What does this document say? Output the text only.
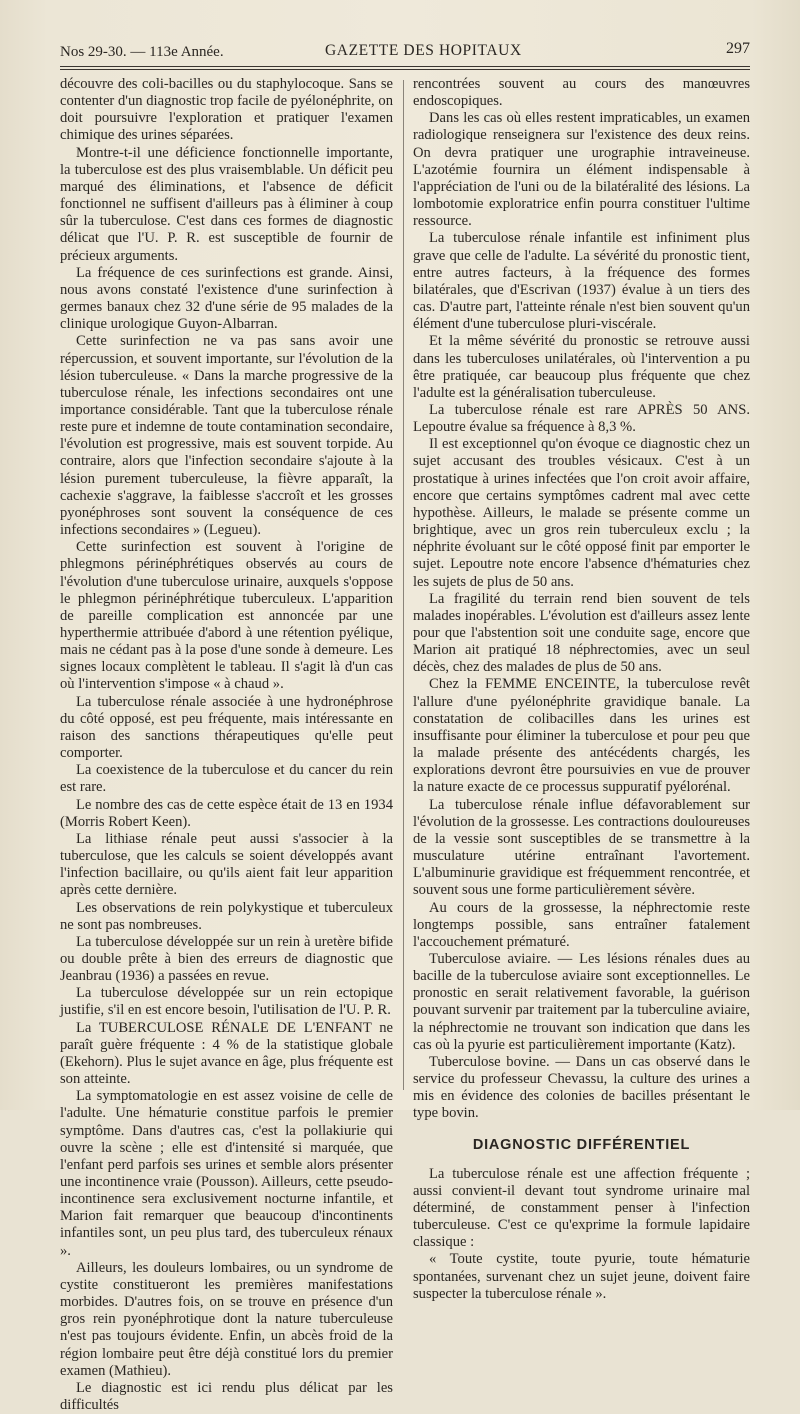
Nos 29-30. — 113e Année.	GAZETTE DES HOPITAUX	297

découvre des coli-bacilles ou du staphylocoque. Sans se contenter d'un diagnostic trop facile de pyélonéphrite, on doit poursuivre l'exploration et pratiquer l'examen chimique des urines séparées.

Montre-t-il une déficience fonctionnelle importante, la tuberculose est des plus vraisemblable. Un déficit peu marqué des éliminations, et l'absence de déficit fonctionnel ne suffisent d'ailleurs pas à éliminer à coup sûr la tuberculose. C'est dans ces formes de diagnostic délicat que l'U. P. R. est susceptible de fournir de précieux arguments.

La fréquence de ces surinfections est grande. Ainsi, nous avons constaté l'existence d'une surinfection à germes banaux chez 32 d'une série de 95 malades de la clinique urologique Guyon-Albarran.

Cette surinfection ne va pas sans avoir une répercussion, et souvent importante, sur l'évolution de la lésion tuberculeuse. « Dans la marche progressive de la tuberculose rénale, les infections secondaires ont une importance considérable. Tant que la tuberculose rénale reste pure et indemne de toute contamination secondaire, l'évolution est progressive, mais est souvent torpide. Au contraire, alors que l'infection secondaire s'ajoute à la lésion purement tuberculeuse, la fièvre apparaît, la cachexie s'aggrave, la faiblesse s'accroît et les grosses pyonéphroses sont souvent la conséquence de ces infections secondaires » (Legueu).

Cette surinfection est souvent à l'origine de phlegmons périnéphrétiques observés au cours de l'évolution d'une tuberculose urinaire, auxquels s'oppose le phlegmon périnéphrétique tuberculeux. L'apparition de pareille complication est annoncée par une hyperthermie attribuée d'abord à une rétention pyélique, mais ne cédant pas à la pose d'une sonde à demeure. Les signes locaux complètent le tableau. Il s'agit là d'un cas où l'intervention s'impose « à chaud ».

La tuberculose rénale associée à une hydronéphrose du côté opposé, est peu fréquente, mais intéressante en raison des sanctions thérapeutiques qu'elle peut comporter.

La coexistence de la tuberculose et du cancer du rein est rare.

Le nombre des cas de cette espèce était de 13 en 1934 (Morris Robert Keen).

La lithiase rénale peut aussi s'associer à la tuberculose, que les calculs se soient développés avant l'infection bacillaire, ou qu'ils aient fait leur apparition après cette dernière.

Les observations de rein polykystique et tuberculeux ne sont pas nombreuses.

La tuberculose développée sur un rein à uretère bifide ou double prête à bien des erreurs de diagnostic que Jeanbrau (1936) a passées en revue.

La tuberculose développée sur un rein ectopique justifie, s'il en est encore besoin, l'utilisation de l'U. P. R.

La TUBERCULOSE RÉNALE DE L'ENFANT ne paraît guère fréquente : 4 % de la statistique globale (Ekehorn). Plus le sujet avance en âge, plus fréquente est son atteinte.

La symptomatologie en est assez voisine de celle de l'adulte. Une hématurie constitue parfois le premier symptôme. Dans d'autres cas, c'est la pollakiurie qui ouvre la scène ; elle est d'intensité si marquée, que l'enfant perd parfois ses urines et semble alors présenter une incontinence vraie (Pousson). Ailleurs, cette pseudo-incontinence sera exclusivement nocturne infantile, et Marion fait remarquer que beaucoup d'incontinents infantiles sont, un peu plus tard, des tuberculeux rénaux ».

Ailleurs, les douleurs lombaires, ou un syndrome de cystite constitueront les premières manifestations morbides. D'autres fois, on se trouve en présence d'un gros rein pyonéphrotique dont la nature tuberculeuse n'est pas toujours évidente. Enfin, un abcès froid de la région lombaire peut être déjà constitué lors du premier examen (Mathieu).

Le diagnostic est ici rendu plus délicat par les difficultés

rencontrées souvent au cours des manœuvres endoscopiques.

Dans les cas où elles restent impraticables, un examen radiologique renseignera sur l'existence des deux reins. On devra pratiquer une urographie intraveineuse. L'azotémie fournira un élément indispensable à l'appréciation de l'uni ou de la bilatéralité des lésions. La lombotomie exploratrice enfin pourra constituer l'ultime ressource.

La tuberculose rénale infantile est infiniment plus grave que celle de l'adulte. La sévérité du pronostic tient, entre autres facteurs, à la fréquence des formes bilatérales, que d'Escrivan (1937) évalue à un tiers des cas. D'autre part, l'atteinte rénale n'est bien souvent qu'un élément d'une tuberculose pluri-viscérale.

Et la même sévérité du pronostic se retrouve aussi dans les tuberculoses unilatérales, où l'intervention a pu être pratiquée, car beaucoup plus fréquente que chez l'adulte est la généralisation tuberculeuse.

La tuberculose rénale est rare APRÈS 50 ANS. Lepoutre évalue sa fréquence à 8,3 %.

Il est exceptionnel qu'on évoque ce diagnostic chez un sujet accusant des troubles vésicaux. C'est à un prostatique à urines infectées que l'on croit avoir affaire, encore que certains symptômes cadrent mal avec cette hypothèse. Ailleurs, le malade se présente comme un brightique, avec un gros rein tuberculeux exclu ; la néphrite évoluant sur le côté opposé finit par emporter le sujet. Lepoutre note encore l'absence d'hématuries chez les sujets de plus de 50 ans.

La fragilité du terrain rend bien souvent de tels malades inopérables. L'évolution est d'ailleurs assez lente pour que l'abstention soit une conduite sage, encore que Marion ait pratiqué 18 néphrectomies, avec un seul décès, chez des malades de plus de 50 ans.

Chez la FEMME ENCEINTE, la tuberculose revêt l'allure d'une pyélonéphrite gravidique banale. La constatation de colibacilles dans les urines est insuffisante pour éliminer la tuberculose et pour peu que la malade présente des antécédents chargés, les explorations devront être poursuivies en vue de prouver la nature exacte de ce processus suppuratif pyélorénal.

La tuberculose rénale influe défavorablement sur l'évolution de la grossesse. Les contractions douloureuses de la vessie sont susceptibles de se transmettre à la musculature utérine entraînant l'avortement. L'albuminurie gravidique est fréquemment rencontrée, et souvent sous une forme particulièrement sévère.

Au cours de la grossesse, la néphrectomie reste longtemps possible, sans entraîner fatalement l'accouchement prématuré.

Tuberculose aviaire. — Les lésions rénales dues au bacille de la tuberculose aviaire sont exceptionnelles. Le pronostic en serait relativement favorable, la guérison pouvant survenir par traitement par la tuberculine aviaire, la néphrectomie ne trouvant son indication que dans les cas où la pyurie est particulièrement importante (Katz).

Tuberculose bovine. — Dans un cas observé dans le service du professeur Chevassu, la culture des urines a mis en évidence des colonies de bacilles présentant le type bovin.

DIAGNOSTIC DIFFÉRENTIEL

La tuberculose rénale est une affection fréquente ; aussi convient-il devant tout syndrome urinaire mal déterminé, de constamment penser à l'infection tuberculeuse. C'est ce qu'exprime la formule lapidaire classique :

« Toute cystite, toute pyurie, toute hématurie spontanées, survenant chez un sujet jeune, doivent faire suspecter la tuberculose rénale ».
